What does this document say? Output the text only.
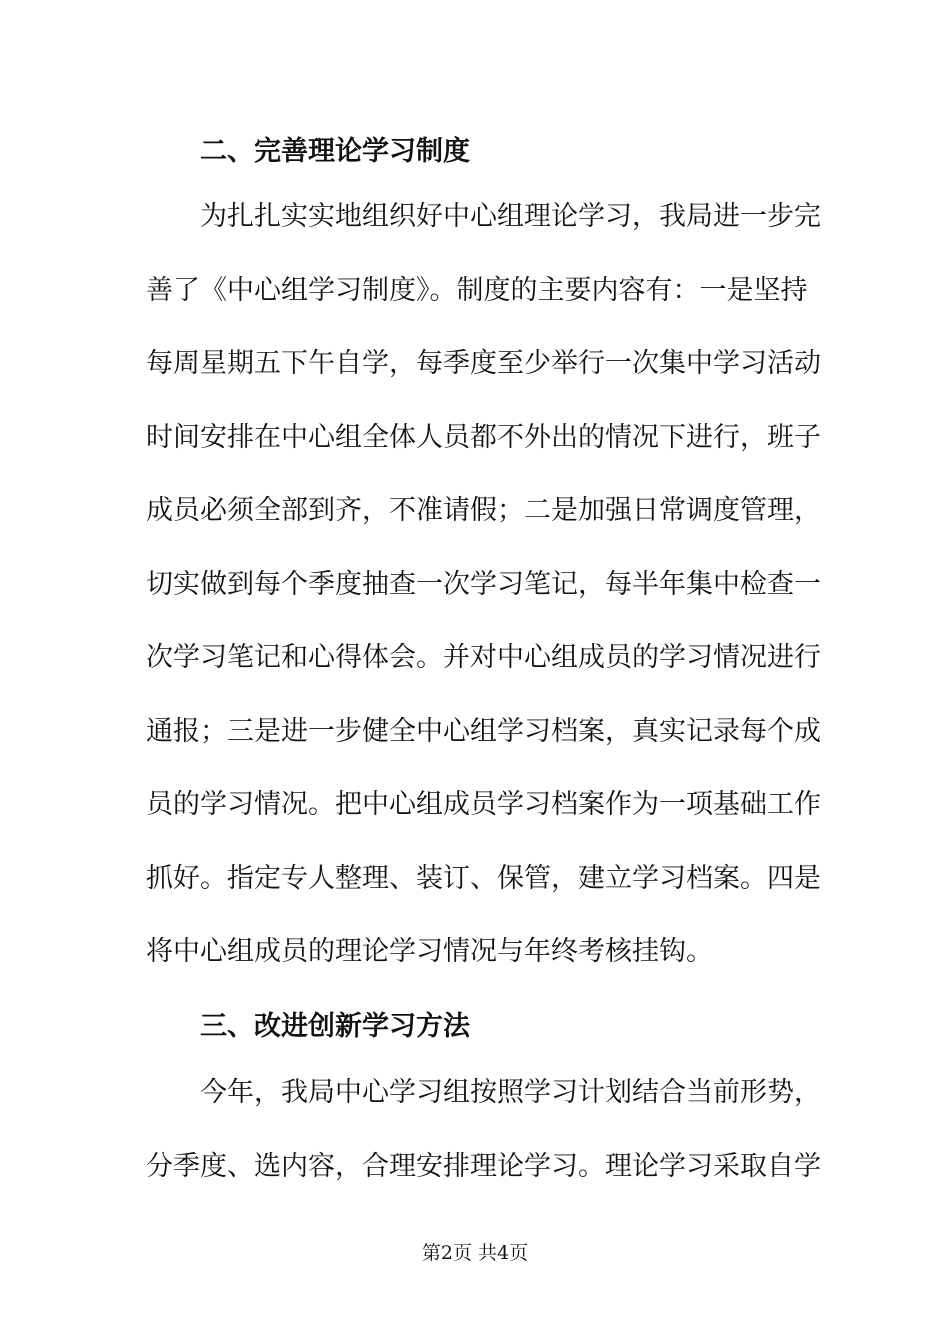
二、完善理论学习制度
为扎扎实实地组织好中心组理论学习，我局进一步完
善了《中心组学习制度》。制度的主要内容有：一是坚持
每周星期五下午自学，每季度至少举行一次集中学习活动
时间安排在中心组全体人员都不外出的情况下进行，班子
成员必须全部到齐，不准请假；二是加强日常调度管理，
切实做到每个季度抽查一次学习笔记，每半年集中检查一
次学习笔记和心得体会。并对中心组成员的学习情况进行
通报；三是进一步健全中心组学习档案，真实记录每个成
员的学习情况。把中心组成员学习档案作为一项基础工作
抓好。指定专人整理、装订、保管，建立学习档案。四是
将中心组成员的理论学习情况与年终考核挂钩。
三、改进创新学习方法
今年，我局中心学习组按照学习计划结合当前形势，
分季度、选内容，合理安排理论学习。理论学习采取自学
第2页 共4页
